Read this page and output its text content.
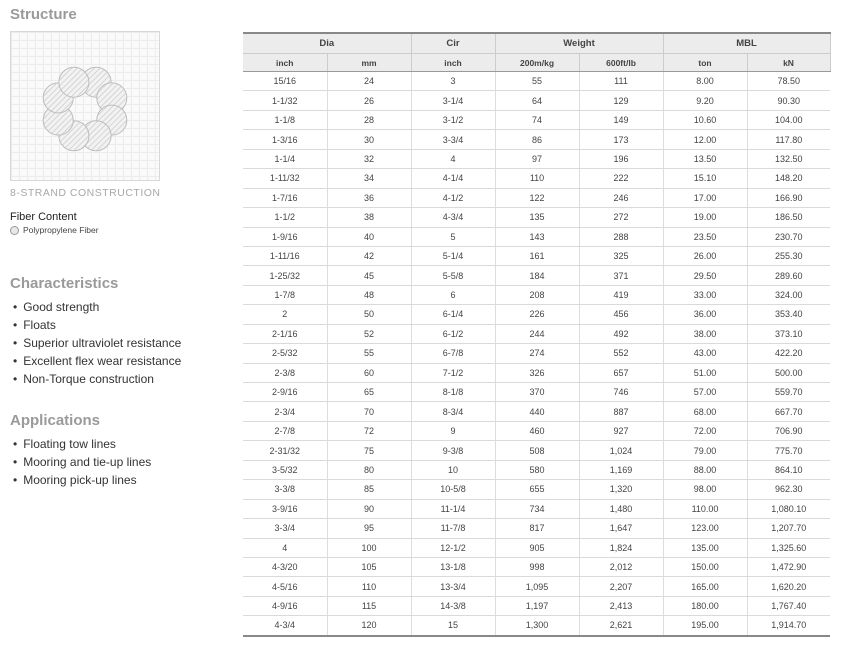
Structure
8-STRAND CONSTRUCTION
Fiber Content
Polypropylene Fiber
Characteristics
• Good strength
• Floats
• Superior ultraviolet resistance
• Excellent flex wear resistance
• Non-Torque construction
Applications
• Floating tow lines
• Mooring and tie-up lines
• Mooring pick-up lines
Dia		Cir	Weight		MBL	
inch	mm	inch	200m/kg	600ft/lb	ton	kN
15/16	24	3	55	111	8.00	78.50
1-1/32	26	3-1/4	64	129	9.20	90.30
1-1/8	28	3-1/2	74	149	10.60	104.00
1-3/16	30	3-3/4	86	173	12.00	117.80
1-1/4	32	4	97	196	13.50	132.50
1-11/32	34	4-1/4	110	222	15.10	148.20
1-7/16	36	4-1/2	122	246	17.00	166.90
1-1/2	38	4-3/4	135	272	19.00	186.50
1-9/16	40	5	143	288	23.50	230.70
1-11/16	42	5-1/4	161	325	26.00	255.30
1-25/32	45	5-5/8	184	371	29.50	289.60
1-7/8	48	6	208	419	33.00	324.00
2	50	6-1/4	226	456	36.00	353.40
2-1/16	52	6-1/2	244	492	38.00	373.10
2-5/32	55	6-7/8	274	552	43.00	422.20
2-3/8	60	7-1/2	326	657	51.00	500.00
2-9/16	65	8-1/8	370	746	57.00	559.70
2-3/4	70	8-3/4	440	887	68.00	667.70
2-7/8	72	9	460	927	72.00	706.90
2-31/32	75	9-3/8	508	1,024	79.00	775.70
3-5/32	80	10	580	1,169	88.00	864.10
3-3/8	85	10-5/8	655	1,320	98.00	962.30
3-9/16	90	11-1/4	734	1,480	110.00	1,080.10
3-3/4	95	11-7/8	817	1,647	123.00	1,207.70
4	100	12-1/2	905	1,824	135.00	1,325.60
4-3/20	105	13-1/8	998	2,012	150.00	1,472.90
4-5/16	110	13-3/4	1,095	2,207	165.00	1,620.20
4-9/16	115	14-3/8	1,197	2,413	180.00	1,767.40
4-3/4	120	15	1,300	2,621	195.00	1,914.70
